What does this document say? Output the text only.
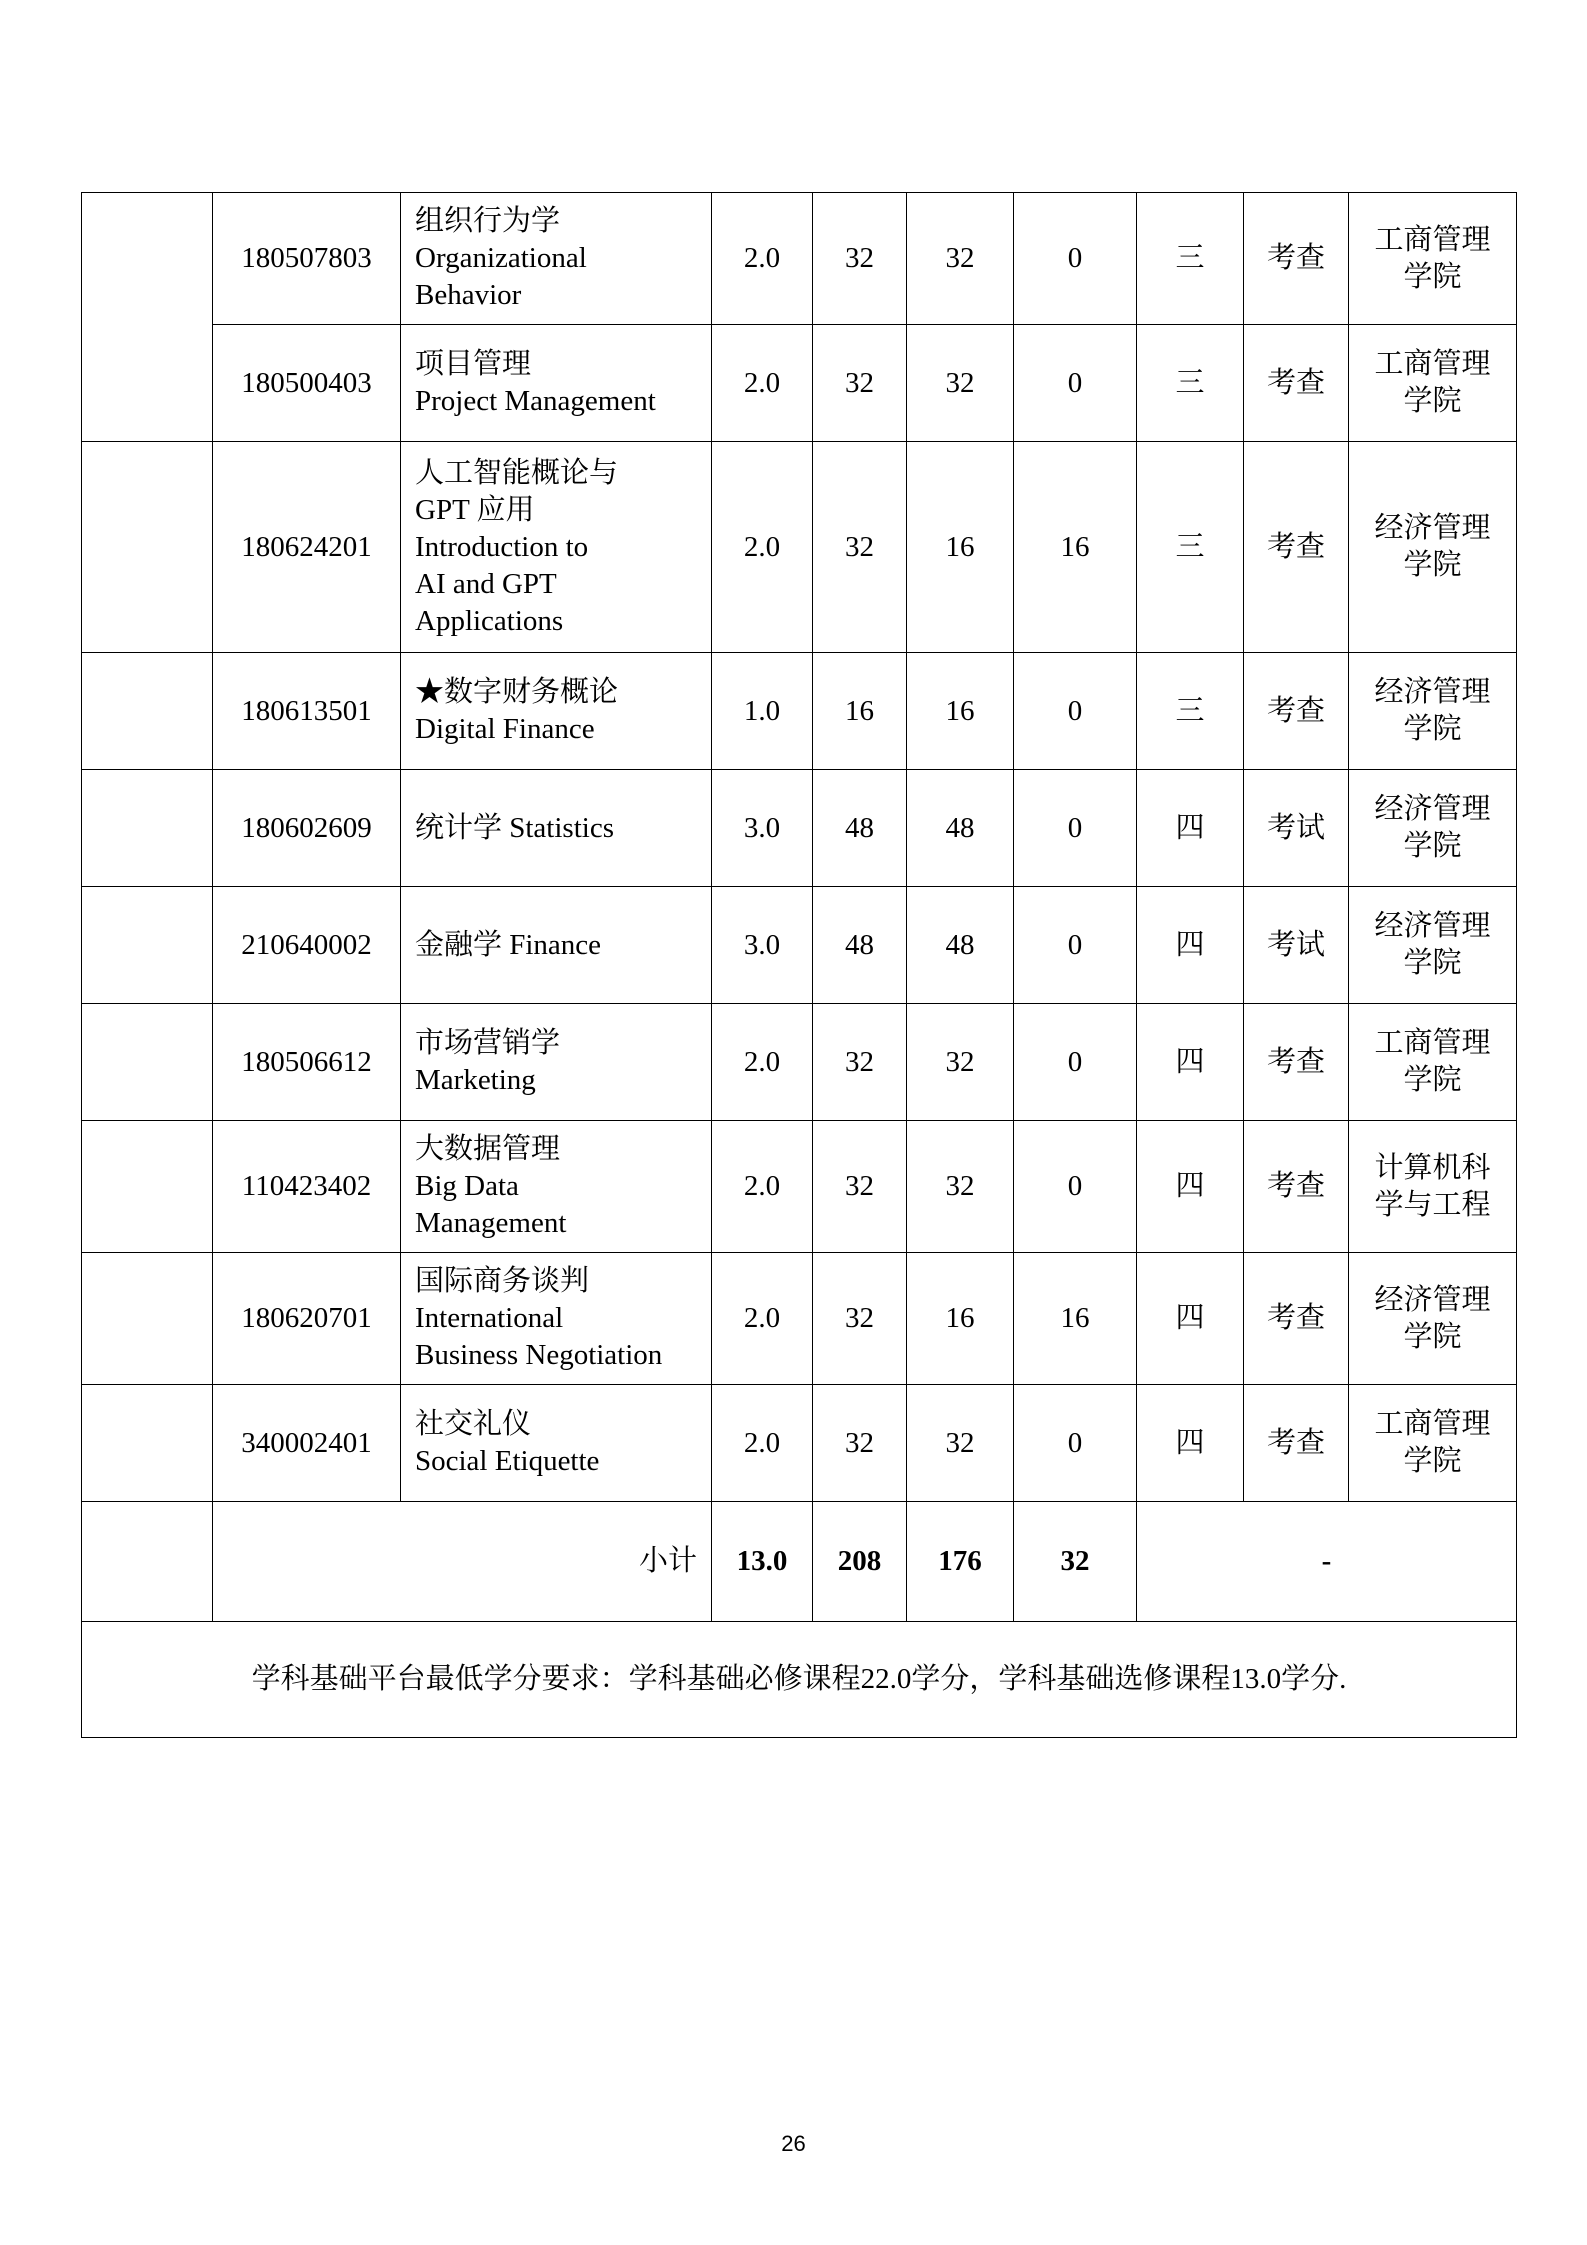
	180507803	组织行为学
Organizational
Behavior	2.0	32	32	0	三	考查	工商管理
学院

	180500403	项目管理
Project Management	2.0	32	32	0	三	考查	工商管理
学院

	180624201	人工智能概论与
GPT 应用
Introduction to
AI and GPT
Applications	2.0	32	16	16	三	考查	经济管理
学院

	180613501	★数字财务概论
Digital Finance	1.0	16	16	0	三	考查	经济管理
学院

	180602609	统计学 Statistics	3.0	48	48	0	四	考试	经济管理
学院

	210640002	金融学 Finance	3.0	48	48	0	四	考试	经济管理
学院

	180506612	市场营销学
Marketing	2.0	32	32	0	四	考查	工商管理
学院

	110423402	大数据管理
Big Data
Management	2.0	32	32	0	四	考查	计算机科
学与工程

	180620701	国际商务谈判
International
Business Negotiation	2.0	32	16	16	四	考查	经济管理
学院

	340002401	社交礼仪
Social Etiquette	2.0	32	32	0	四	考查	工商管理
学院

	小计		13.0	208	176	32	-		
学科基础平台最低学分要求：学科基础必修课程22.0学分，学科基础选修课程13.0学分.									
26
